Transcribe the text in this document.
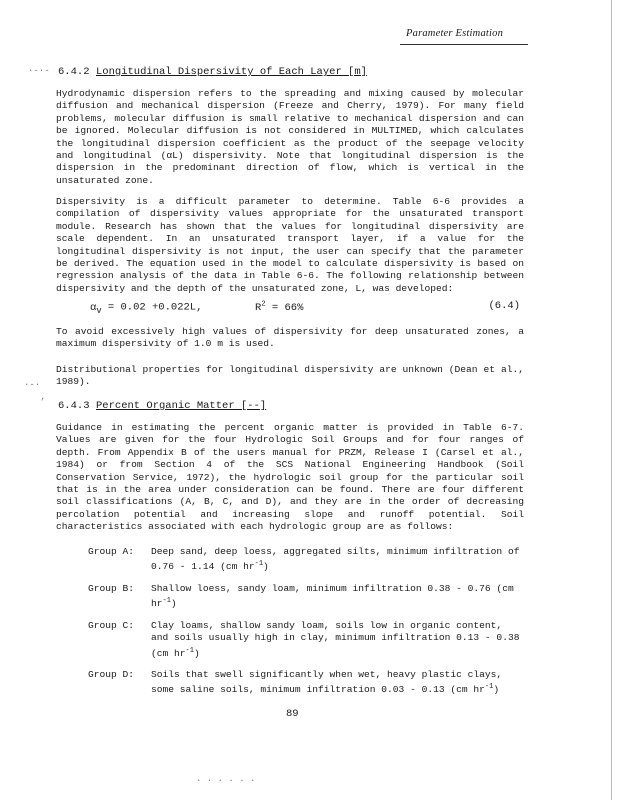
Parameter Estimation
·‐·‐
·‐·
‚
6.4.2 Longitudinal Dispersivity of Each Layer [m]

Hydrodynamic dispersion refers to the spreading and mixing caused by molecular diffusion and mechanical dispersion (Freeze and Cherry, 1979). For many field problems, molecular diffusion is small relative to mechanical dispersion and can be ignored. Molecular diffusion is not considered in MULTIMED, which calculates the longitudinal dispersion coefficient as the product of the seepage velocity and longitudinal (αL) dispersivity. Note that longitudinal dispersion is the dispersion in the predominant direction of flow, which is vertical in the unsaturated zone.

Dispersivity is a difficult parameter to determine. Table 6-6 provides a compilation of dispersivity values appropriate for the unsaturated transport module. Research has shown that the values for longitudinal dispersivity are scale dependent. In an unsaturated transport layer, if a value for the longitudinal dispersivity is not input, the user can specify that the parameter be derived. The equation used in the model to calculate dispersivity is based on regression analysis of the data in Table 6-6. The following relationship between dispersivity and the depth of the unsaturated zone, L, was developed:

$\alpha_v = 0.02 +0.022L$,	$R^2 = 66\%$	(6.4)

To avoid excessively high values of dispersivity for deep unsaturated zones, a maximum dispersivity of 1.0 m is used.

Distributional properties for longitudinal dispersivity are unknown (Dean et al., 1989).

6.4.3 Percent Organic Matter [--]

Guidance in estimating the percent organic matter is provided in Table 6-7. Values are given for the four Hydrologic Soil Groups and for four ranges of depth. From Appendix B of the users manual for PRZM, Release I (Carsel et al., 1984) or from Section 4 of the SCS National Engineering Handbook (Soil Conservation Service, 1972), the hydrologic soil group for the particular soil that is in the area under consideration can be found. There are four different soil classifications (A, B, C, and D), and they are in the order of decreasing percolation potential and increasing slope and runoff potential. Soil characteristics associated with each hydrologic group are as follows:

Group A:	Deep sand, deep loess, aggregated silts, minimum infiltration of 0.76 - 1.14 (cm $hr^{-1}$)
Group B:	Shallow loess, sandy loam, minimum infiltration 0.38 - 0.76 (cm $hr^{-1}$)
Group C:	Clay loams, shallow sandy loam, soils low in organic content, and soils usually high in clay, minimum infiltration 0.13 - 0.38 (cm $hr^{-1}$)
Group D:	Soils that swell significantly when wet, heavy plastic clays, some saline soils, minimum infiltration 0.03 - 0.13 (cm $hr^{-1}$)
89
· · · · · ·
